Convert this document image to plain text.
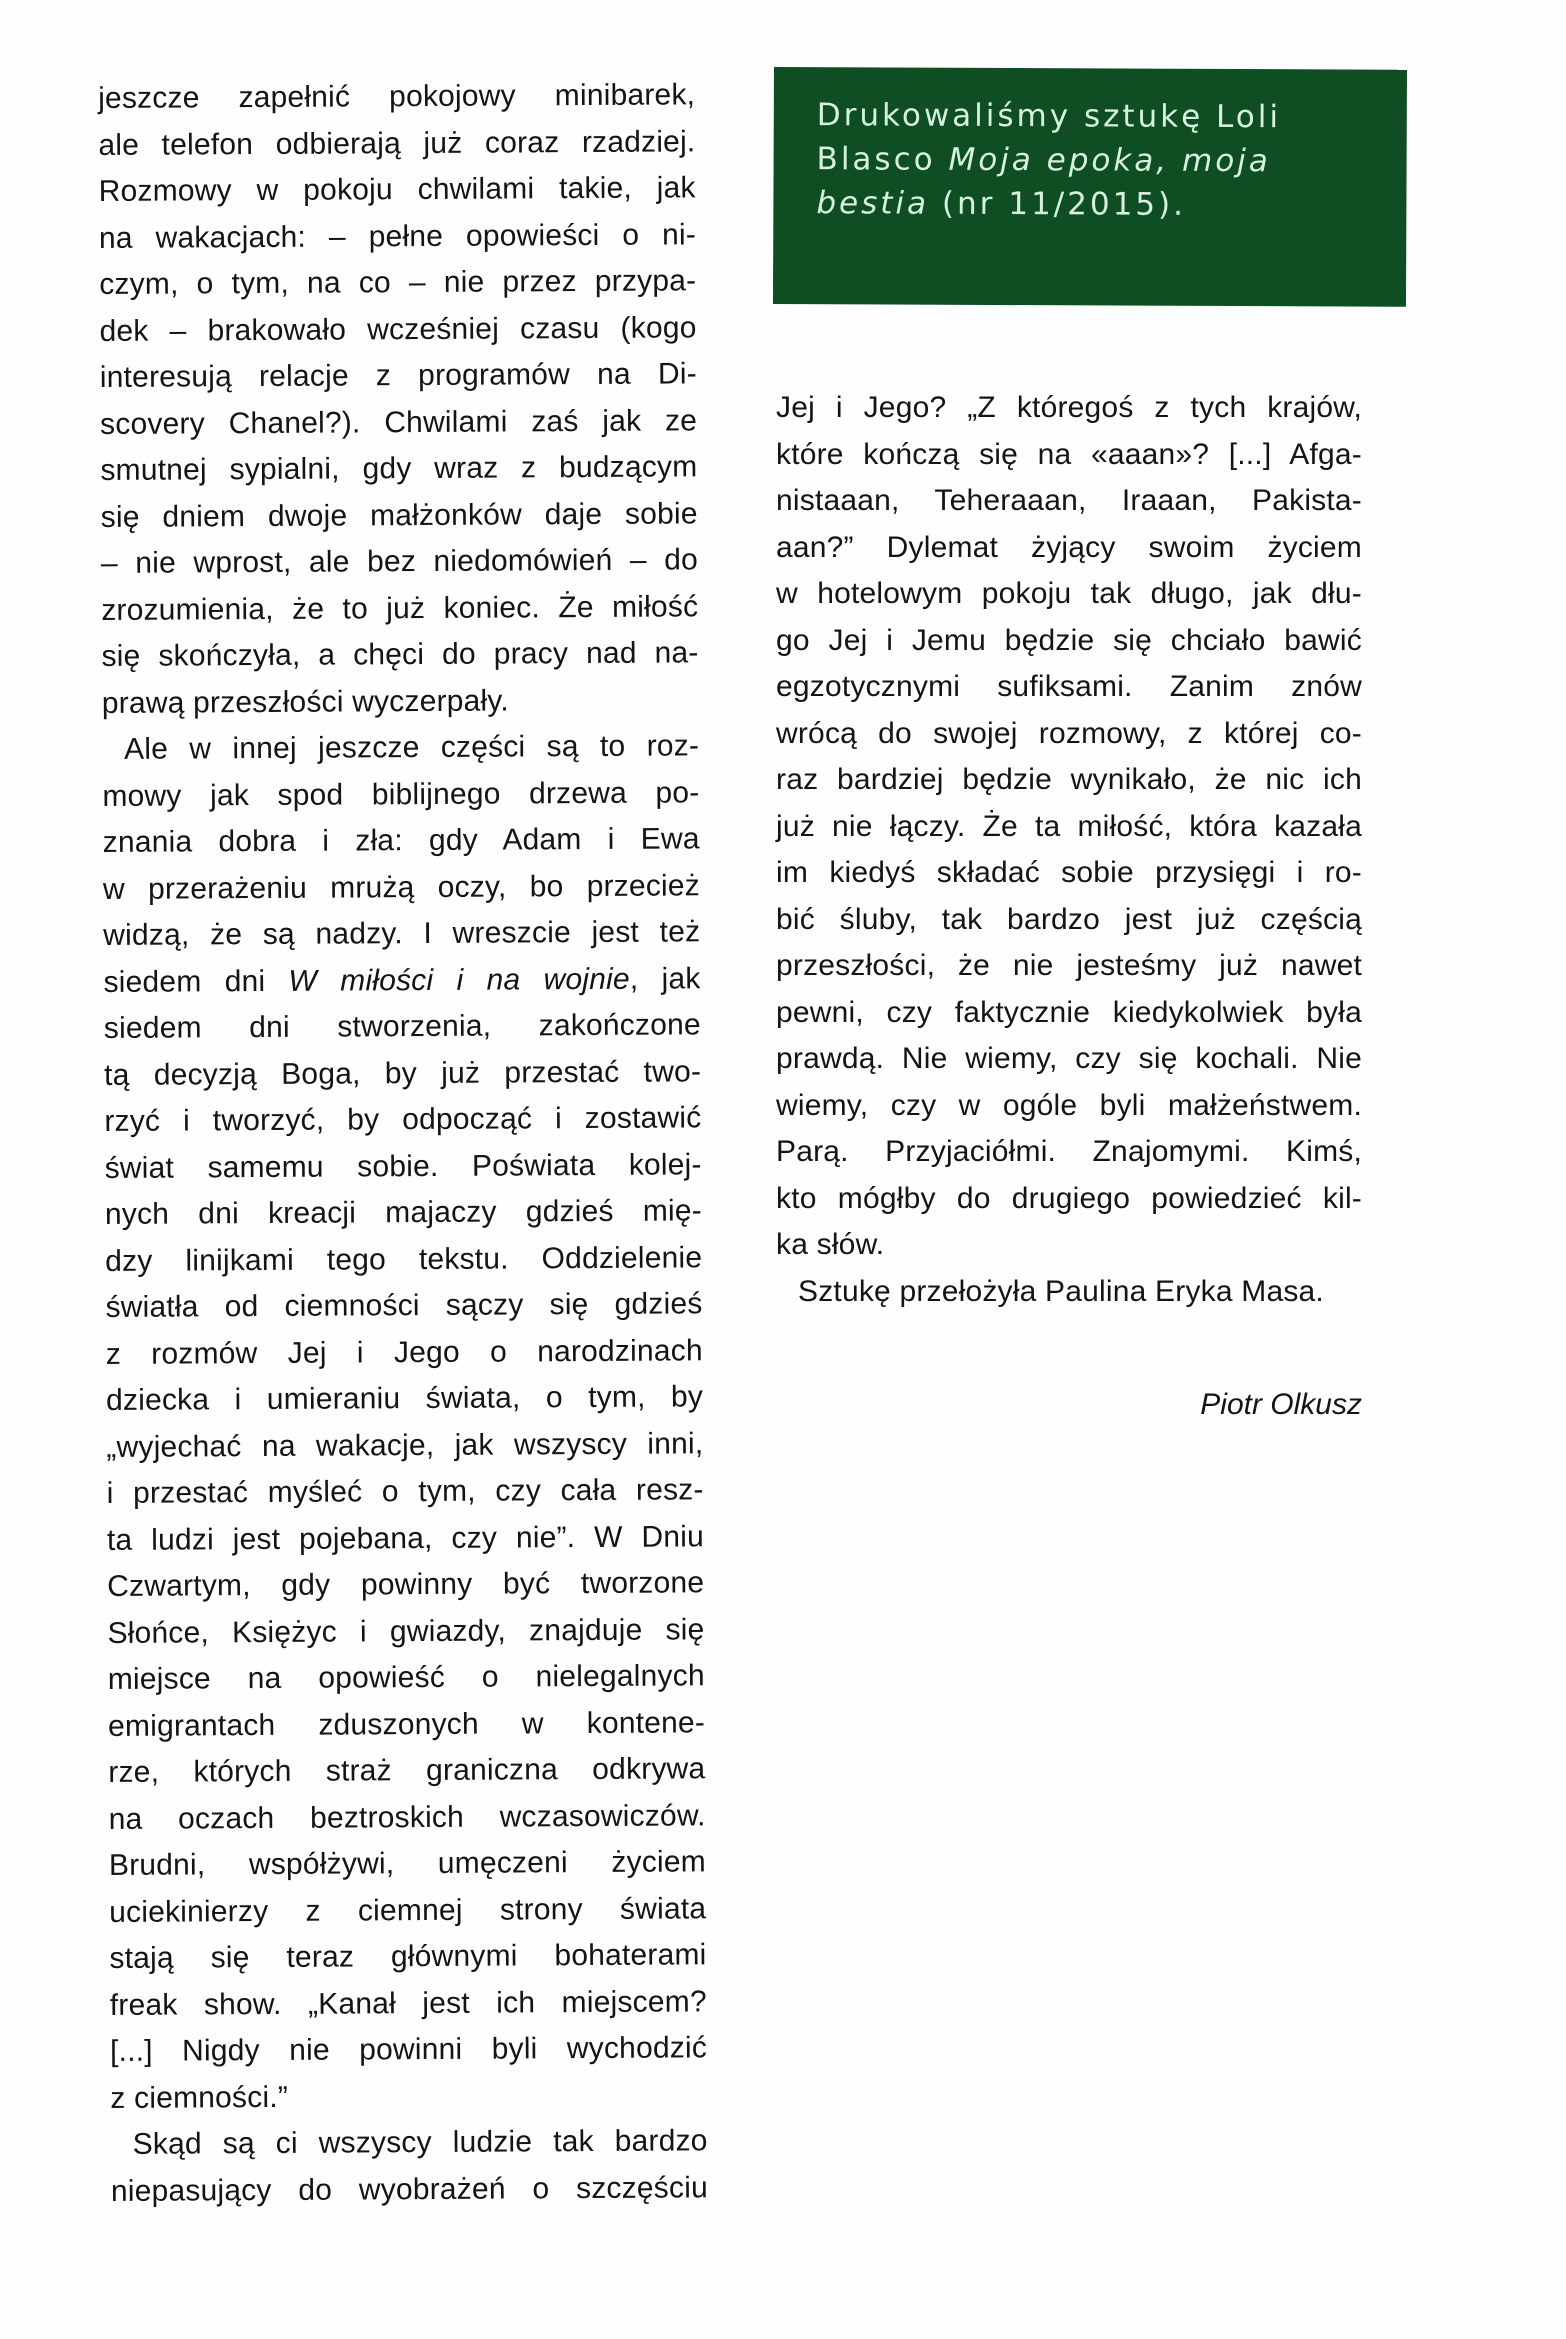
Drukowaliśmy sztukę Loli
Blasco Moja epoka, moja
bestia (nr 11/2015).
jeszcze zapełnić pokojowy minibarek,
ale telefon odbierają już coraz rzadziej.
Rozmowy w pokoju chwilami takie, jak
na wakacjach: – pełne opowieści o ni-
czym, o tym, na co – nie przez przypa-
dek – brakowało wcześniej czasu (kogo
interesują relacje z programów na Di-
scovery Chanel?). Chwilami zaś jak ze
smutnej sypialni, gdy wraz z budzącym
się dniem dwoje małżonków daje sobie
– nie wprost, ale bez niedomówień – do
zrozumienia, że to już koniec. Że miłość
się skończyła, a chęci do pracy nad na-
prawą przeszłości wyczerpały.
Ale w innej jeszcze części są to roz-
mowy jak spod biblijnego drzewa po-
znania dobra i zła: gdy Adam i Ewa
w przerażeniu mrużą oczy, bo przecież
widzą, że są nadzy. I wreszcie jest też
siedem dni W miłości i na wojnie, jak
siedem dni stworzenia, zakończone
tą decyzją Boga, by już przestać two-
rzyć i tworzyć, by odpocząć i zostawić
świat samemu sobie. Poświata kolej-
nych dni kreacji majaczy gdzieś mię-
dzy linijkami tego tekstu. Oddzielenie
światła od ciemności sączy się gdzieś
z rozmów Jej i Jego o narodzinach
dziecka i umieraniu świata, o tym, by
„wyjechać na wakacje, jak wszyscy inni,
i przestać myśleć o tym, czy cała resz-
ta ludzi jest pojebana, czy nie”. W Dniu
Czwartym, gdy powinny być tworzone
Słońce, Księżyc i gwiazdy, znajduje się
miejsce na opowieść o nielegalnych
emigrantach zduszonych w kontene-
rze, których straż graniczna odkrywa
na oczach beztroskich wczasowiczów.
Brudni, współżywi, umęczeni życiem
uciekinierzy z ciemnej strony świata
stają się teraz głównymi bohaterami
freak show. „Kanał jest ich miejscem?
[...] Nigdy nie powinni byli wychodzić
z ciemności.”
Skąd są ci wszyscy ludzie tak bardzo
niepasujący do wyobrażeń o szczęściu
Jej i Jego? „Z któregoś z tych krajów,
które kończą się na «aaan»? [...] Afga-
nistaaan, Teheraaan, Iraaan, Pakista-
aan?” Dylemat żyjący swoim życiem
w hotelowym pokoju tak długo, jak dłu-
go Jej i Jemu będzie się chciało bawić
egzotycznymi sufiksami. Zanim znów
wrócą do swojej rozmowy, z której co-
raz bardziej będzie wynikało, że nic ich
już nie łączy. Że ta miłość, która kazała
im kiedyś składać sobie przysięgi i ro-
bić śluby, tak bardzo jest już częścią
przeszłości, że nie jesteśmy już nawet
pewni, czy faktycznie kiedykolwiek była
prawdą. Nie wiemy, czy się kochali. Nie
wiemy, czy w ogóle byli małżeństwem.
Parą. Przyjaciółmi. Znajomymi. Kimś,
kto mógłby do drugiego powiedzieć kil-
ka słów.
Sztukę przełożyła Paulina Eryka Masa.
Piotr Olkusz
